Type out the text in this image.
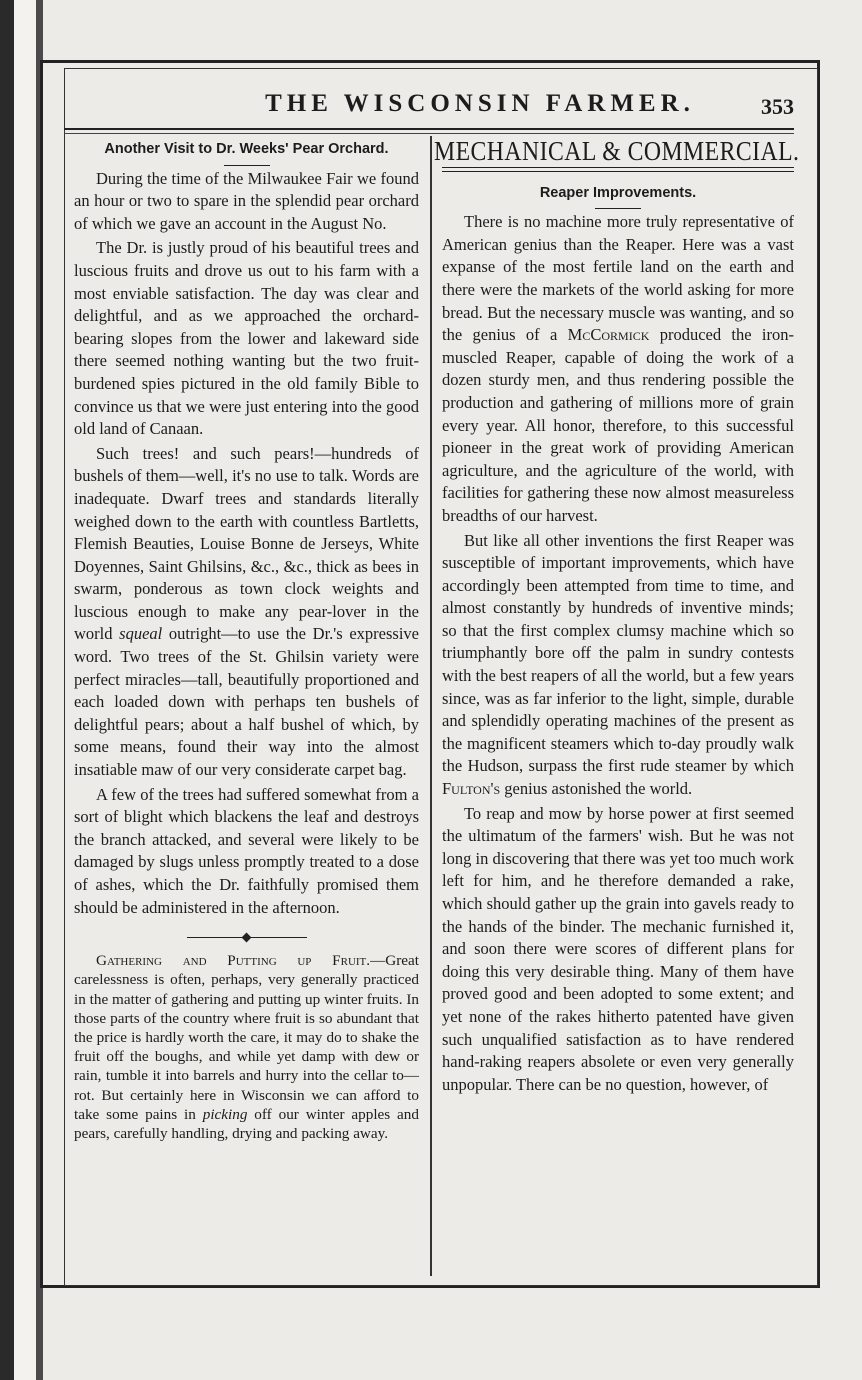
THE WISCONSIN FARMER.	353
Another Visit to Dr. Weeks' Pear Orchard.

During the time of the Milwaukee Fair we found an hour or two to spare in the splendid pear orchard of which we gave an account in the August No.

The Dr. is justly proud of his beautiful trees and luscious fruits and drove us out to his farm with a most enviable satisfaction. The day was clear and delightful, and as we approached the orchard-bearing slopes from the lower and lakeward side there seemed nothing wanting but the two fruit-burdened spies pictured in the old family Bible to convince us that we were just entering into the good old land of Canaan.

Such trees! and such pears!—hundreds of bushels of them—well, it's no use to talk. Words are inadequate. Dwarf trees and standards literally weighed down to the earth with countless Bartletts, Flemish Beauties, Louise Bonne de Jerseys, White Doyennes, Saint Ghilsins, &c., &c., thick as bees in swarm, ponderous as town clock weights and luscious enough to make any pear-lover in the world squeal outright—to use the Dr.'s expressive word. Two trees of the St. Ghilsin variety were perfect miracles—tall, beautifully proportioned and each loaded down with perhaps ten bushels of delightful pears; about a half bushel of which, by some means, found their way into the almost insatiable maw of our very considerate carpet bag.

A few of the trees had suffered somewhat from a sort of blight which blackens the leaf and destroys the branch attacked, and several were likely to be damaged by slugs unless promptly treated to a dose of ashes, which the Dr. faithfully promised them should be administered in the afternoon.

Gathering and Putting up Fruit.—Great carelessness is often, perhaps, very generally practiced in the matter of gathering and putting up winter fruits. In those parts of the country where fruit is so abundant that the price is hardly worth the care, it may do to shake the fruit off the boughs, and while yet damp with dew or rain, tumble it into barrels and hurry into the cellar to—rot. But certainly here in Wisconsin we can afford to take some pains in picking off our winter apples and pears, carefully handling, drying and packing away.

MECHANICAL & COMMERCIAL.
Reaper Improvements.

There is no machine more truly representative of American genius than the Reaper. Here was a vast expanse of the most fertile land on the earth and there were the markets of the world asking for more bread. But the necessary muscle was wanting, and so the genius of a McCormick produced the iron-muscled Reaper, capable of doing the work of a dozen sturdy men, and thus rendering possible the production and gathering of millions more of grain every year. All honor, therefore, to this successful pioneer in the great work of providing American agriculture, and the agriculture of the world, with facilities for gathering these now almost measureless breadths of our harvest.

But like all other inventions the first Reaper was susceptible of important improvements, which have accordingly been attempted from time to time, and almost constantly by hundreds of inventive minds; so that the first complex clumsy machine which so triumphantly bore off the palm in sundry contests with the best reapers of all the world, but a few years since, was as far inferior to the light, simple, durable and splendidly operating machines of the present as the magnificent steamers which to-day proudly walk the Hudson, surpass the first rude steamer by which Fulton's genius astonished the world.

To reap and mow by horse power at first seemed the ultimatum of the farmers' wish. But he was not long in discovering that there was yet too much work left for him, and he therefore demanded a rake, which should gather up the grain into gavels ready to the hands of the binder. The mechanic furnished it, and soon there were scores of different plans for doing this very desirable thing. Many of them have proved good and been adopted to some extent; and yet none of the rakes hitherto patented have given such unqualified satisfaction as to have rendered hand-raking reapers absolete or even very generally unpopular. There can be no question, however, of
